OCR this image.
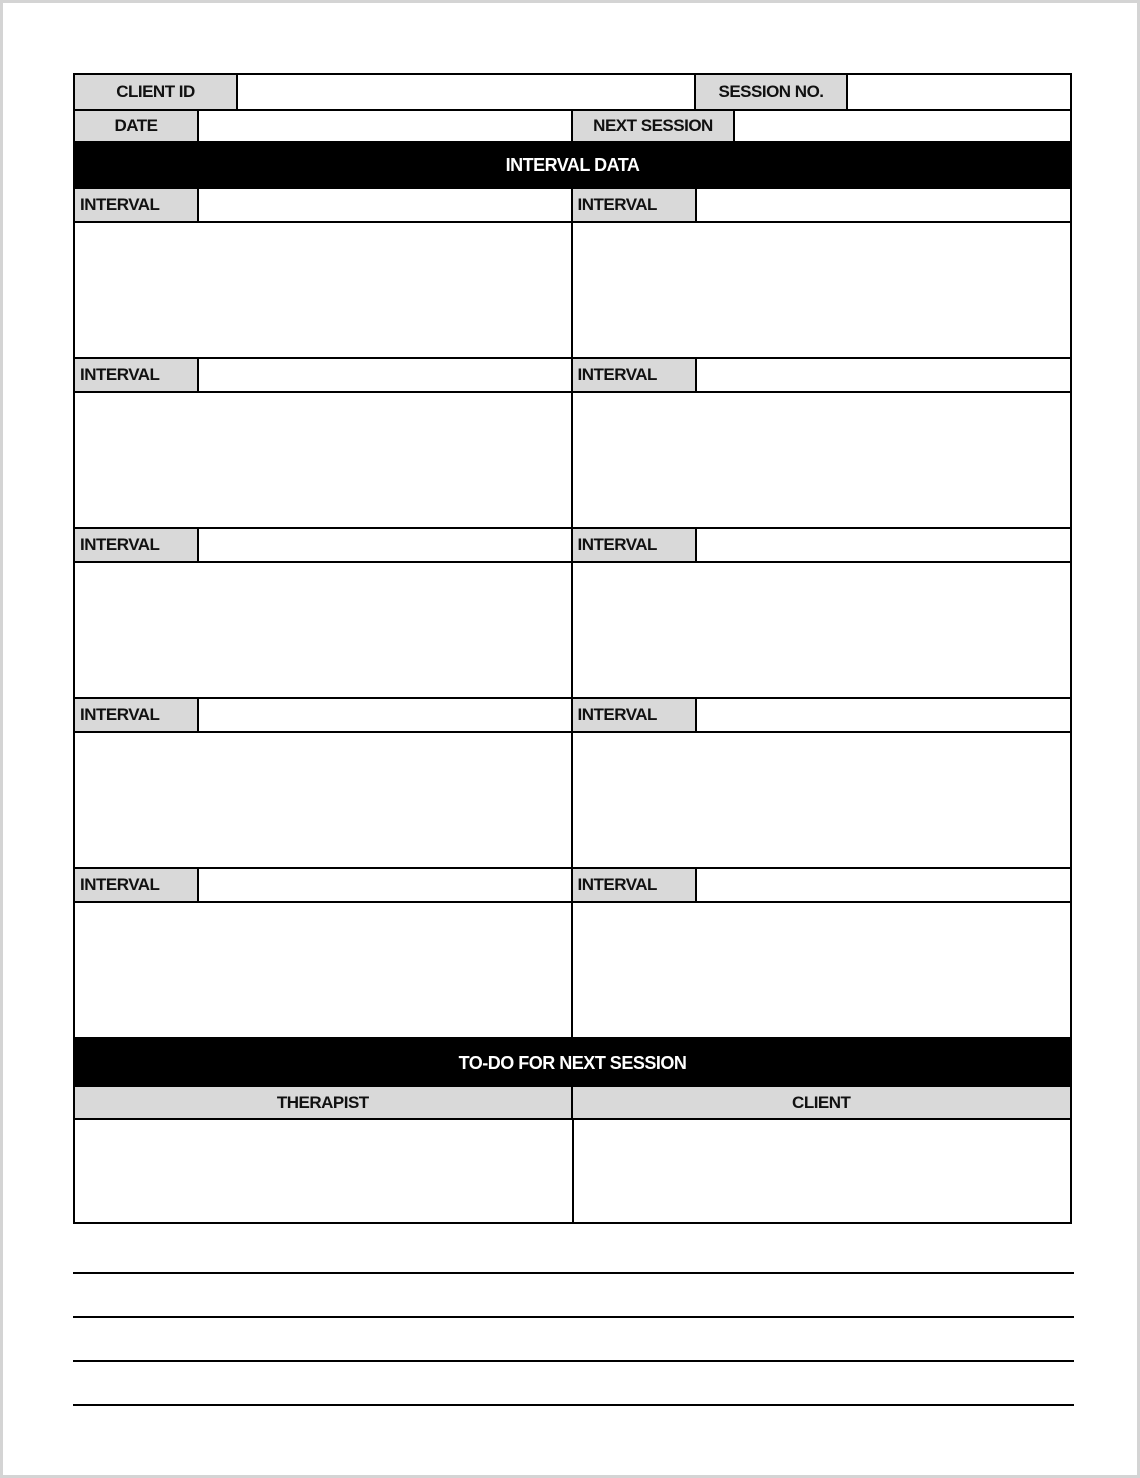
CLIENT ID	SESSION NO.
DATE	NEXT SESSION
INTERVAL DATA
INTERVAL	INTERVAL
INTERVAL	INTERVAL
INTERVAL	INTERVAL
INTERVAL	INTERVAL
INTERVAL	INTERVAL
TO-DO FOR NEXT SESSION
THERAPIST	CLIENT
